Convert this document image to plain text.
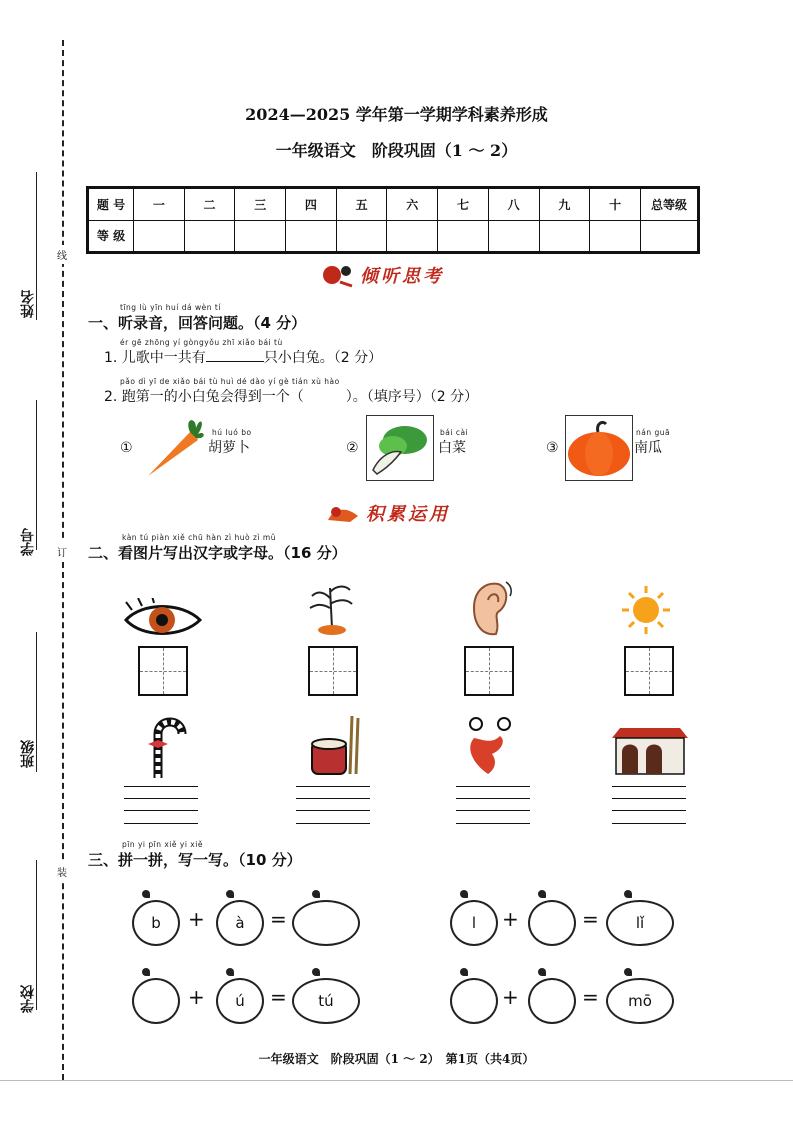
线
订
装
姓名
学号
班级
学校
2024—2025 学年第一学期学科素养形成
一年级语文　阶段巩固（1 ～ 2）
题 号	一	二	三	四	五	六	七	八	九	十	总等级
等 级											
倾听思考
tīng lù yīn huí dá wèn tí
一、听录音，回答问题。（4 分）
ér gē zhōng yí gòngyǒu zhī xiǎo bái tù
1. 儿歌中一共有	只小白兔。（2 分）
pǎo dì yī de xiǎo bái tù huì dé dào yí gè tián xù hào
2. 跑第一的小白兔会得到一个（　　　）。（填序号）（2 分）
①
hú luó bo
胡萝卜	②
bái cài
白菜	③
nán guā
南瓜
积累运用
kàn tú piàn xiě chū hàn zì huò zì mǔ
二、看图片写出汉字或字母。（16 分）
pīn yi pīn xiě yi xiě
三、拼一拼，写一写。（10 分）
b	+	à	=	l	+	=	lǐ
+	ú	=	tú	+	=	mō
一年级语文　阶段巩固（1 ～ 2）　第1页（共4页）
